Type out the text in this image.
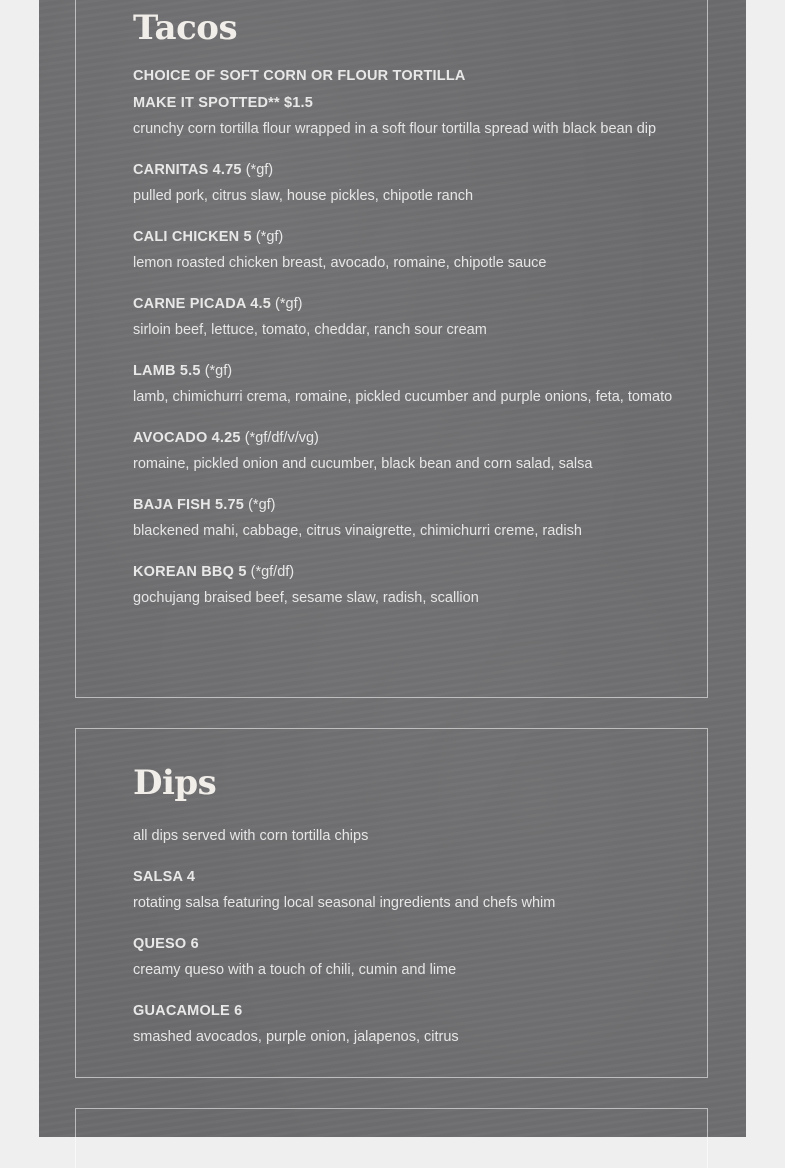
Tacos
CHOICE OF SOFT CORN OR FLOUR TORTILLA
MAKE IT SPOTTED** $1.5
crunchy corn tortilla flour wrapped in a soft flour tortilla spread with black bean dip
CARNITAS 4.75 (*gf)
pulled pork, citrus slaw, house pickles, chipotle ranch
CALI CHICKEN 5 (*gf)
lemon roasted chicken breast, avocado, romaine, chipotle sauce
CARNE PICADA 4.5 (*gf)
sirloin beef, lettuce, tomato, cheddar, ranch sour cream
LAMB 5.5 (*gf)
lamb, chimichurri crema, romaine, pickled cucumber and purple onions, feta, tomato
AVOCADO 4.25 (*gf/df/v/vg)
romaine, pickled onion and cucumber, black bean and corn salad, salsa
BAJA FISH 5.75 (*gf)
blackened mahi, cabbage, citrus vinaigrette, chimichurri creme, radish
KOREAN BBQ 5 (*gf/df)
gochujang braised beef, sesame slaw, radish, scallion
Dips
all dips served with corn tortilla chips
SALSA 4
rotating salsa featuring local seasonal ingredients and chefs whim
QUESO 6
creamy queso with a touch of chili, cumin and lime
GUACAMOLE 6
smashed avocados, purple onion, jalapenos, citrus
